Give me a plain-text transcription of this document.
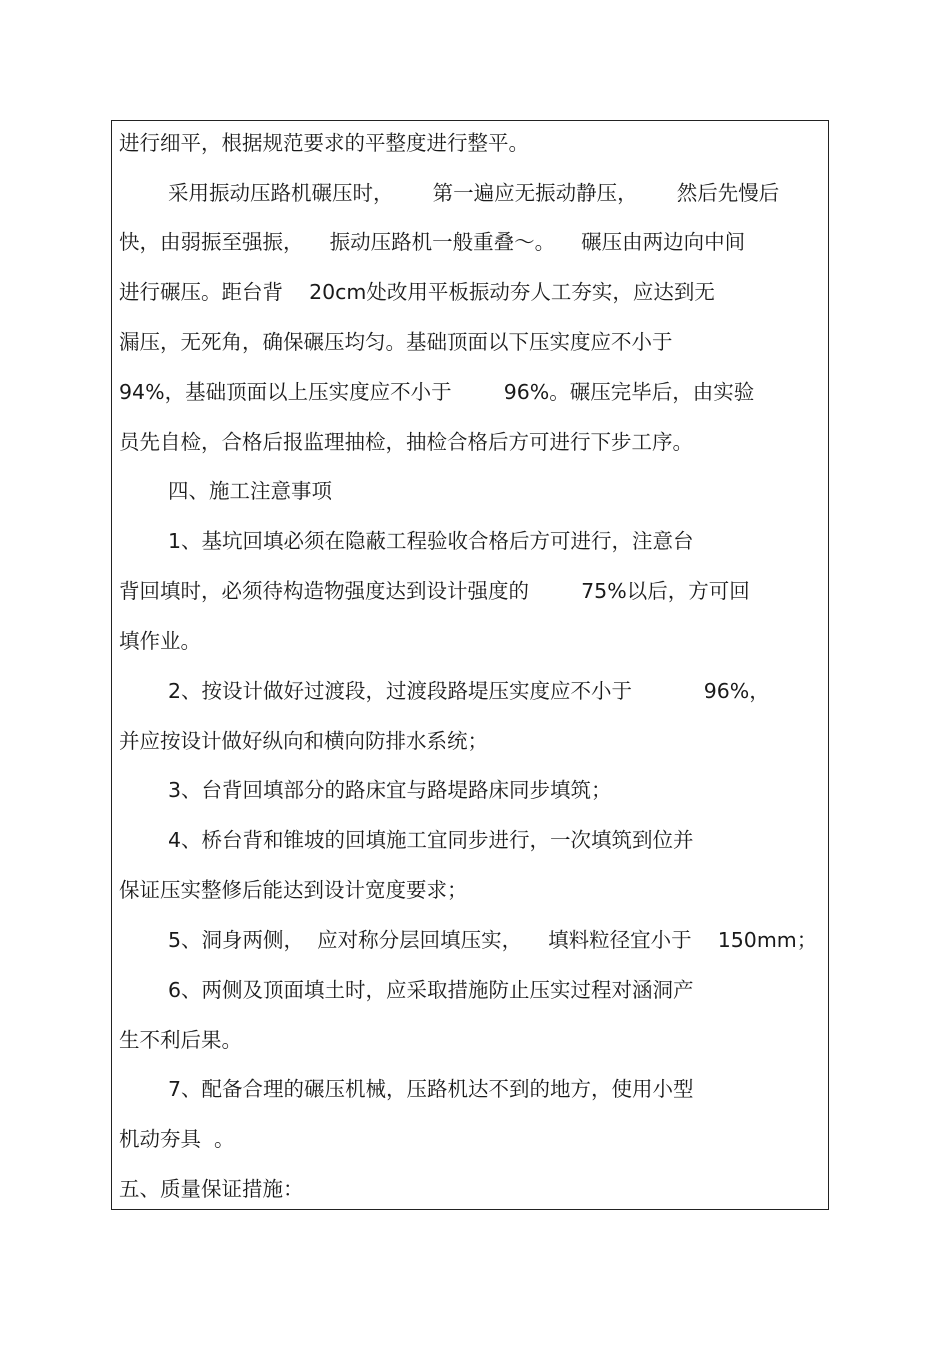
进行细平，根据规范要求的平整度进行整平。
采用振动压路机碾压时，      第一遍应无振动静压，      然后先慢后
快，由弱振至强振，    振动压路机一般重叠～。    碾压由两边向中间
进行碾压。距台背    20cm处改用平板振动夯人工夯实，应达到无
漏压，无死角，确保碾压均匀。基础顶面以下压实度应不小于
94%，基础顶面以上压实度应不小于        96%。碾压完毕后，由实验
员先自检，合格后报监理抽检，抽检合格后方可进行下步工序。
四、施工注意事项
1、基坑回填必须在隐蔽工程验收合格后方可进行，注意台
背回填时，必须待构造物强度达到设计强度的        75%以后，方可回
填作业。
2、按设计做好过渡段，过渡段路堤压实度应不小于           96%，
并应按设计做好纵向和横向防排水系统；
3、台背回填部分的路床宜与路堤路床同步填筑；
4、桥台背和锥坡的回填施工宜同步进行，一次填筑到位并
保证压实整修后能达到设计宽度要求；
5、洞身两侧，  应对称分层回填压实，    填料粒径宜小于    150mm；
6、两侧及顶面填土时，应采取措施防止压实过程对涵洞产
生不利后果。
7、配备合理的碾压机械，压路机达不到的地方，使用小型
机动夯具  。
五、质量保证措施：
